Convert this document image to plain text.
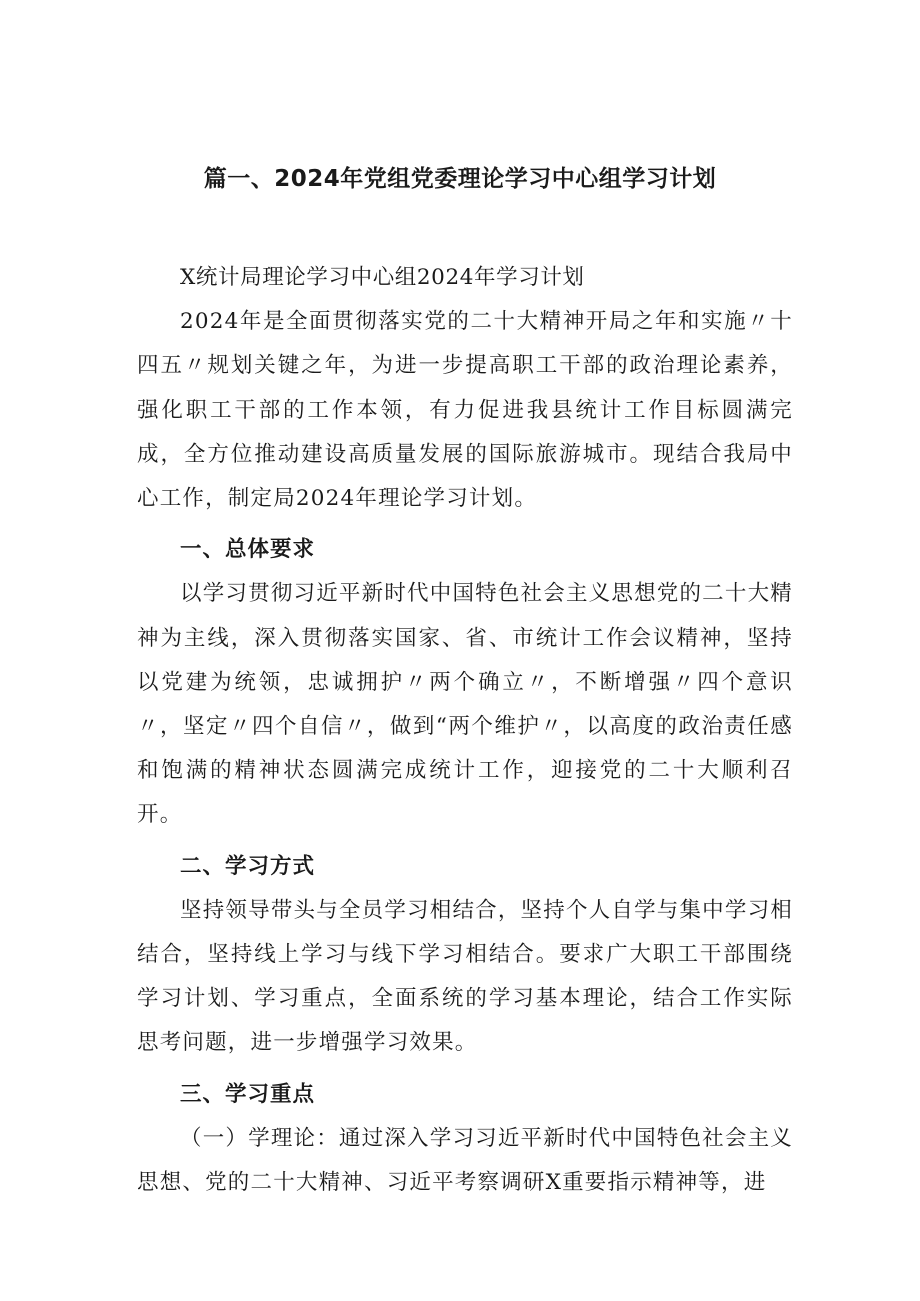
篇一、2024年党组党委理论学习中心组学习计划

X统计局理论学习中心组2024年学习计划

2024年是全面贯彻落实党的二十大精神开局之年和实施〃十四五〃规划关键之年，为进一步提高职工干部的政治理论素养，强化职工干部的工作本领，有力促进我县统计工作目标圆满完成，全方位推动建设高质量发展的国际旅游城市。现结合我局中心工作，制定局2024年理论学习计划。

一、总体要求

以学习贯彻习近平新时代中国特色社会主义思想党的二十大精神为主线，深入贯彻落实国家、省、市统计工作会议精神，坚持以党建为统领，忠诚拥护〃两个确立〃，不断增强〃四个意识〃，坚定〃四个自信〃，做到“两个维护〃，以高度的政治责任感和饱满的精神状态圆满完成统计工作，迎接党的二十大顺利召开。

二、学习方式

坚持领导带头与全员学习相结合，坚持个人自学与集中学习相结合，坚持线上学习与线下学习相结合。要求广大职工干部围绕学习计划、学习重点，全面系统的学习基本理论，结合工作实际思考问题，进一步增强学习效果。

三、学习重点

（一）学理论：通过深入学习习近平新时代中国特色社会主义思想、党的二十大精神、习近平考察调研X重要指示精神等，进
